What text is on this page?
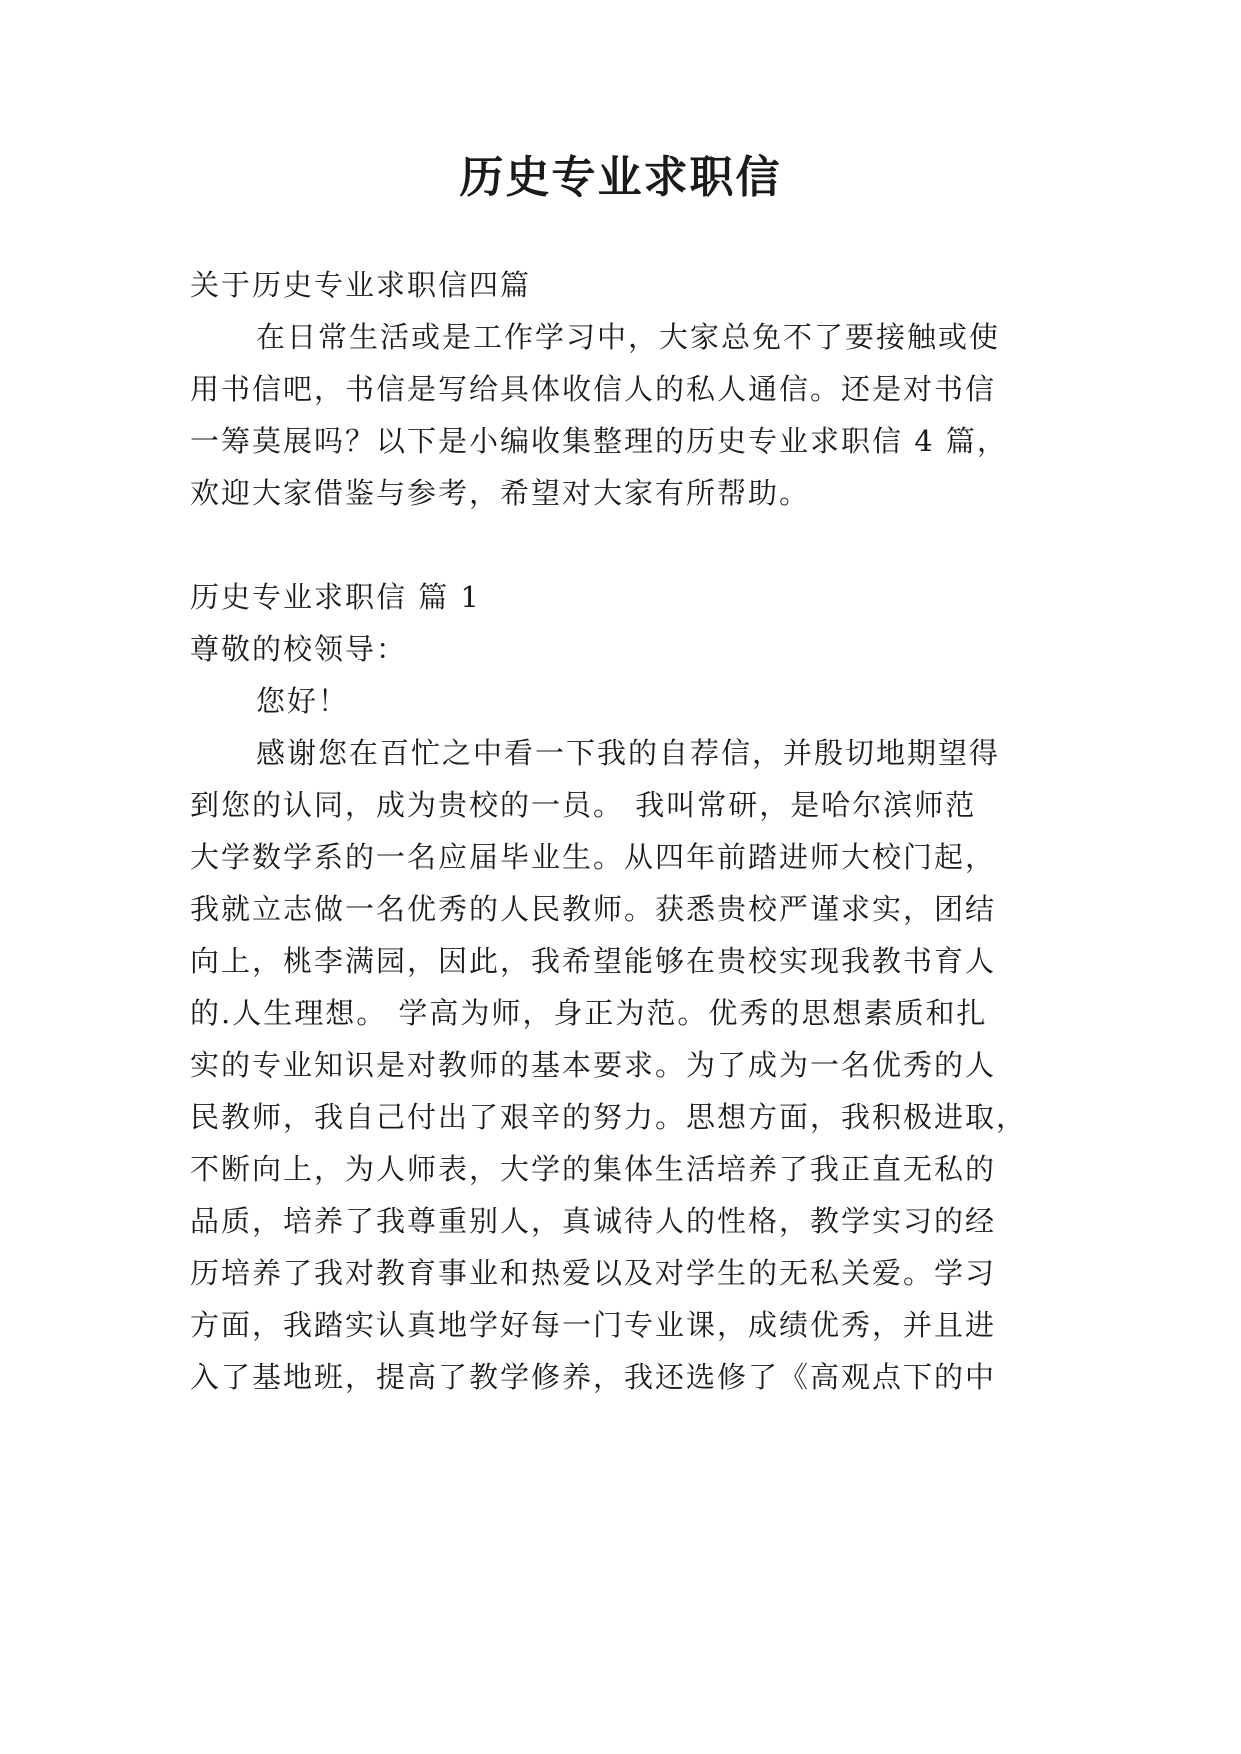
历史专业求职信
关于历史专业求职信四篇
在日常生活或是工作学习中，大家总免不了要接触或使
用书信吧，书信是写给具体收信人的私人通信。还是对书信
一筹莫展吗？以下是小编收集整理的历史专业求职信 4 篇，
欢迎大家借鉴与参考，希望对大家有所帮助。
历史专业求职信 篇 1
尊敬的校领导：
您好！
感谢您在百忙之中看一下我的自荐信，并殷切地期望得
到您的认同，成为贵校的一员。 我叫常研，是哈尔滨师范
大学数学系的一名应届毕业生。从四年前踏进师大校门起，
我就立志做一名优秀的人民教师。获悉贵校严谨求实，团结
向上，桃李满园，因此，我希望能够在贵校实现我教书育人
的.人生理想。 学高为师，身正为范。优秀的思想素质和扎
实的专业知识是对教师的基本要求。为了成为一名优秀的人
民教师，我自己付出了艰辛的努力。思想方面，我积极进取，
不断向上，为人师表，大学的集体生活培养了我正直无私的
品质，培养了我尊重别人，真诚待人的性格，教学实习的经
历培养了我对教育事业和热爱以及对学生的无私关爱。学习
方面，我踏实认真地学好每一门专业课，成绩优秀，并且进
入了基地班，提高了教学修养，我还选修了《高观点下的中
